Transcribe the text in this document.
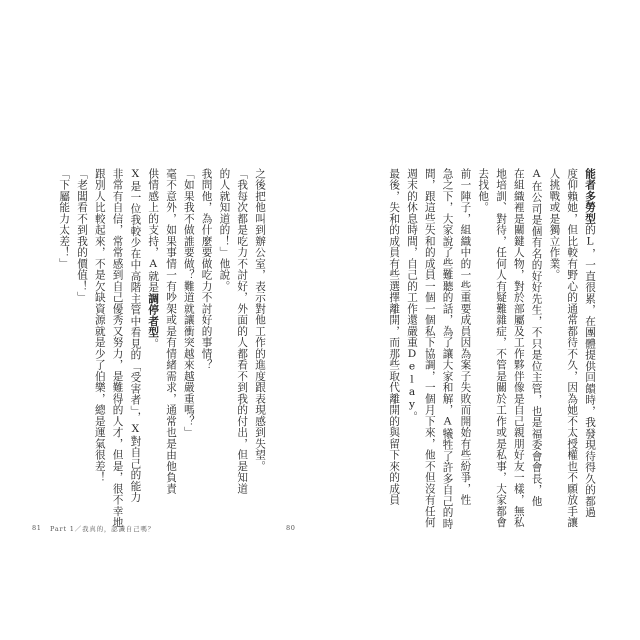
之後把他叫到辦公室，表示對他工作的進度跟表現感到失望。

「我每次都是吃力不討好，外面的人都看不到我的付出，但是知道

的人就知道的！」他說。

我問他，為什麼要做吃力不討好的事情？

「如果我不做誰要做？難道就讓衝突越來越嚴重嗎？」

毫不意外，如果事情一有吵架或是有情緒需求，通常也是由他負責

供情感上的支持，A就是調停者型。

X是一位我較少在中高階主管中看見的「受害者」，X對自己的能力

非常有自信，常常感到自己優秀又努力，是難得的人才，但是，很不幸地

跟別人比較起來，不是欠缺資源就是少了伯樂，總是運氣很差！

「老闆看不到我的價值！」

「下屬能力太差！」	能者多勞型的L，一直很累，在團體提供回饋時，我發現待得久的都過

度仰賴她，但比較有野心的通常都待不久，因為她不太授權也不願放手讓

人挑戰或是獨立作業。

A在公司是個有名的好好先生，不只是位主管，也是福委會會長，他

在組織裡是關鍵人物，對於部屬及工作夥伴像是自己親朋好友一樣，無私

地培訓、對待，任何人有疑難雜症，不管是關於工作或是私事，大家都會

去找他。

前一陣子，組織中的一些重要成員因為案子失敗而開始有些紛爭，性

急之下，大家說了些難聽的話，為了讓大家和解，A犧牲了許多自己的時

間，跟這些失和的成員一個一個私下協調，一個月下來，他不但沒有任何

週末的休息時間，自己的工作還嚴重Delay。

最後，失和的成員有些選擇離開，而那些取代離開的與留下來的成員

81 Part 1／我真的，認識自己嗎？	80
